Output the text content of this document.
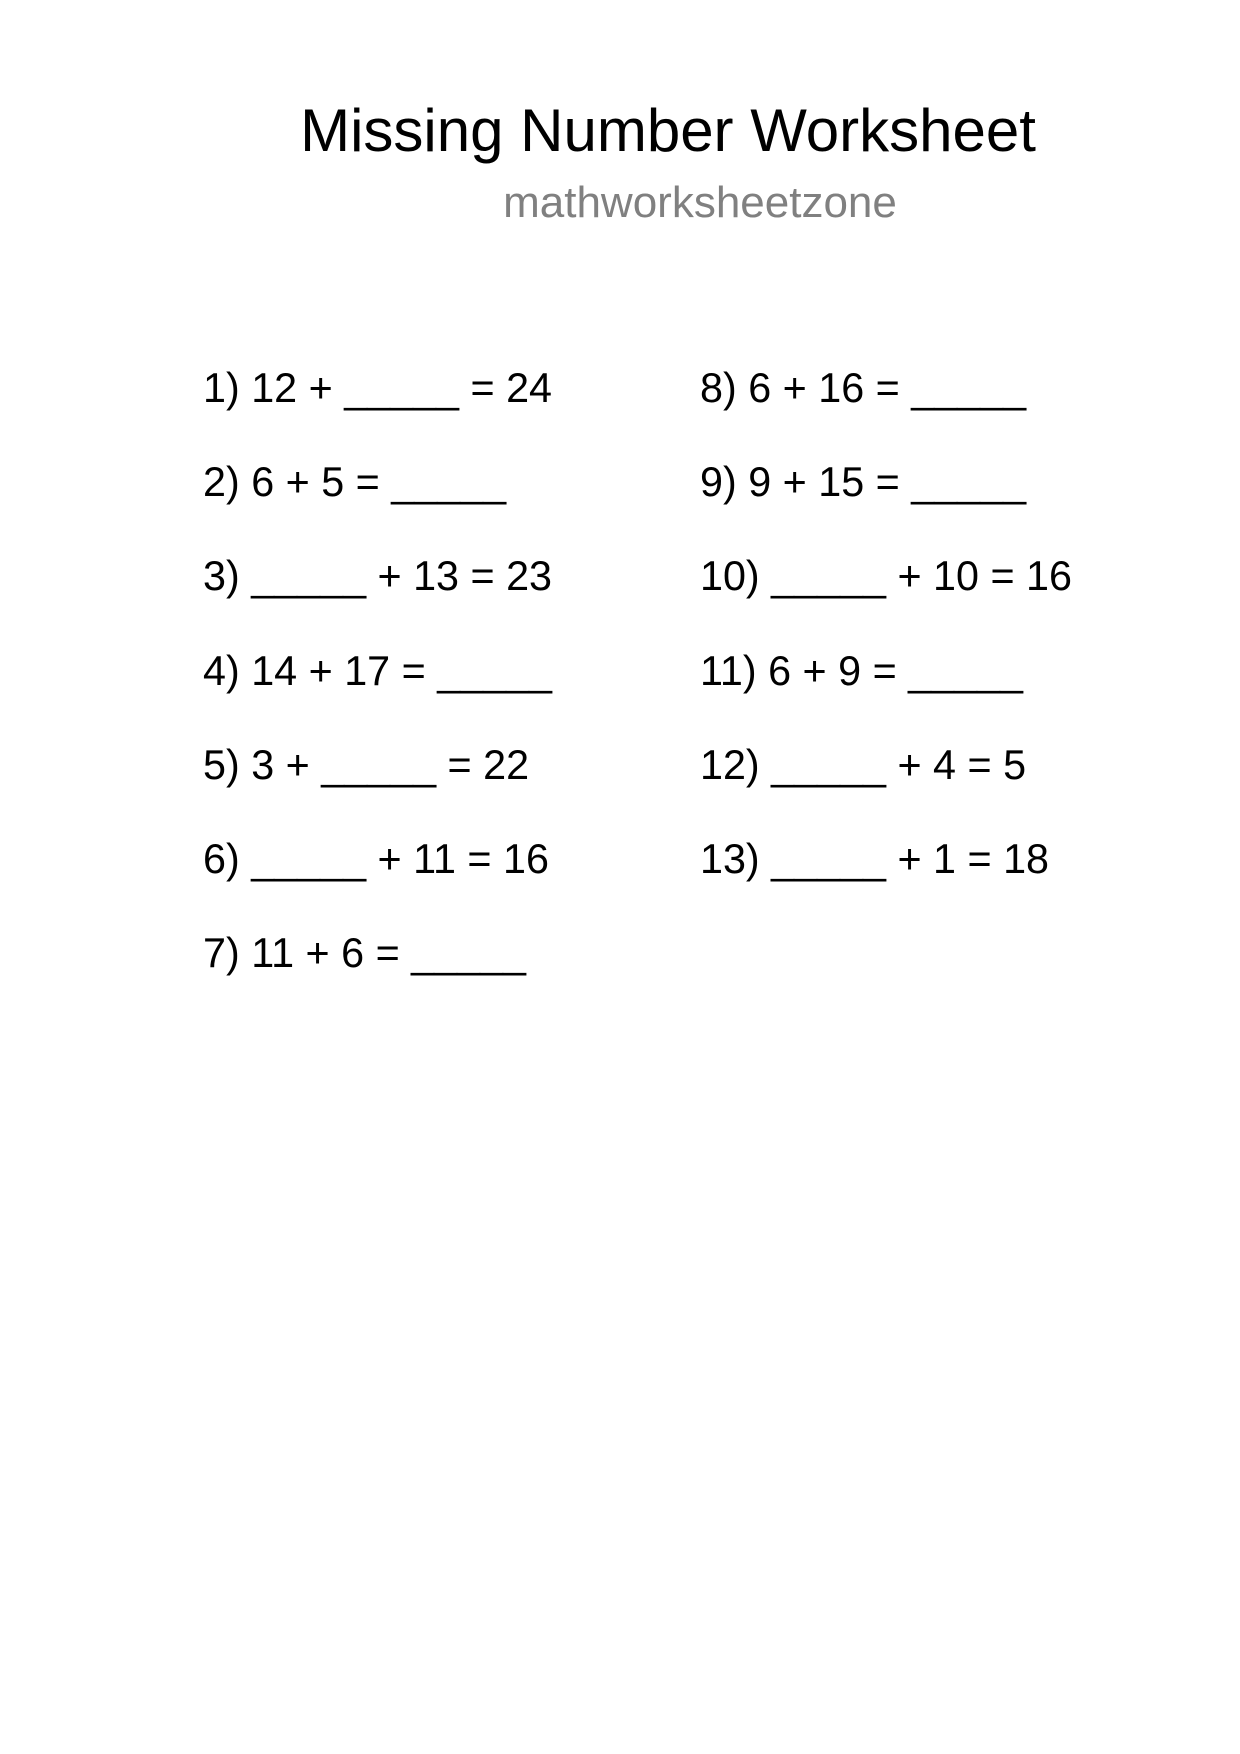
Missing Number Worksheet
mathworksheetzone
1) 12 + _____ = 24
2) 6 + 5 = _____
3) _____ + 13 = 23
4) 14 + 17 = _____
5) 3 + _____ = 22
6) _____ + 11 = 16
7) 11 + 6 = _____
8) 6 + 16 = _____
9) 9 + 15 = _____
10) _____ + 10 = 16
11) 6 + 9 = _____
12) _____ + 4 = 5
13) _____ + 1 = 18
